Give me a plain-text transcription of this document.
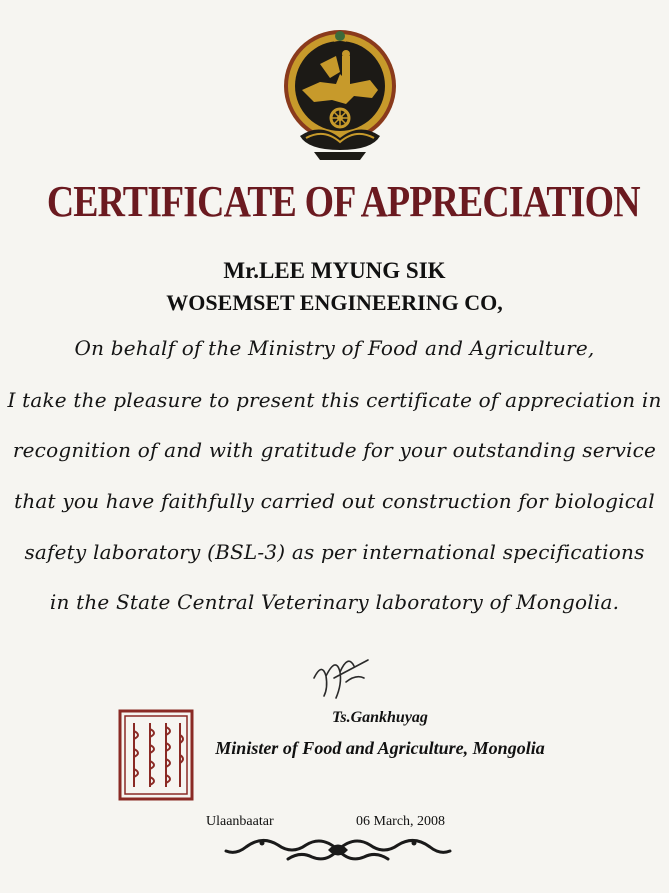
CERTIFICATE OF APPRECIATION
Mr.LEE MYUNG SIK
WOSEMSET ENGINEERING CO,
On behalf of the Ministry of Food and Agriculture,
I take the pleasure to present this certificate of appreciation in
recognition of and with gratitude for your outstanding service
that you have faithfully carried out construction for biological
safety laboratory (BSL-3) as per international specifications
in the State Central Veterinary laboratory of Mongolia.
Ts.Gankhuyag
Minister of Food and Agriculture, Mongolia
Ulaanbaatar	06 March, 2008
